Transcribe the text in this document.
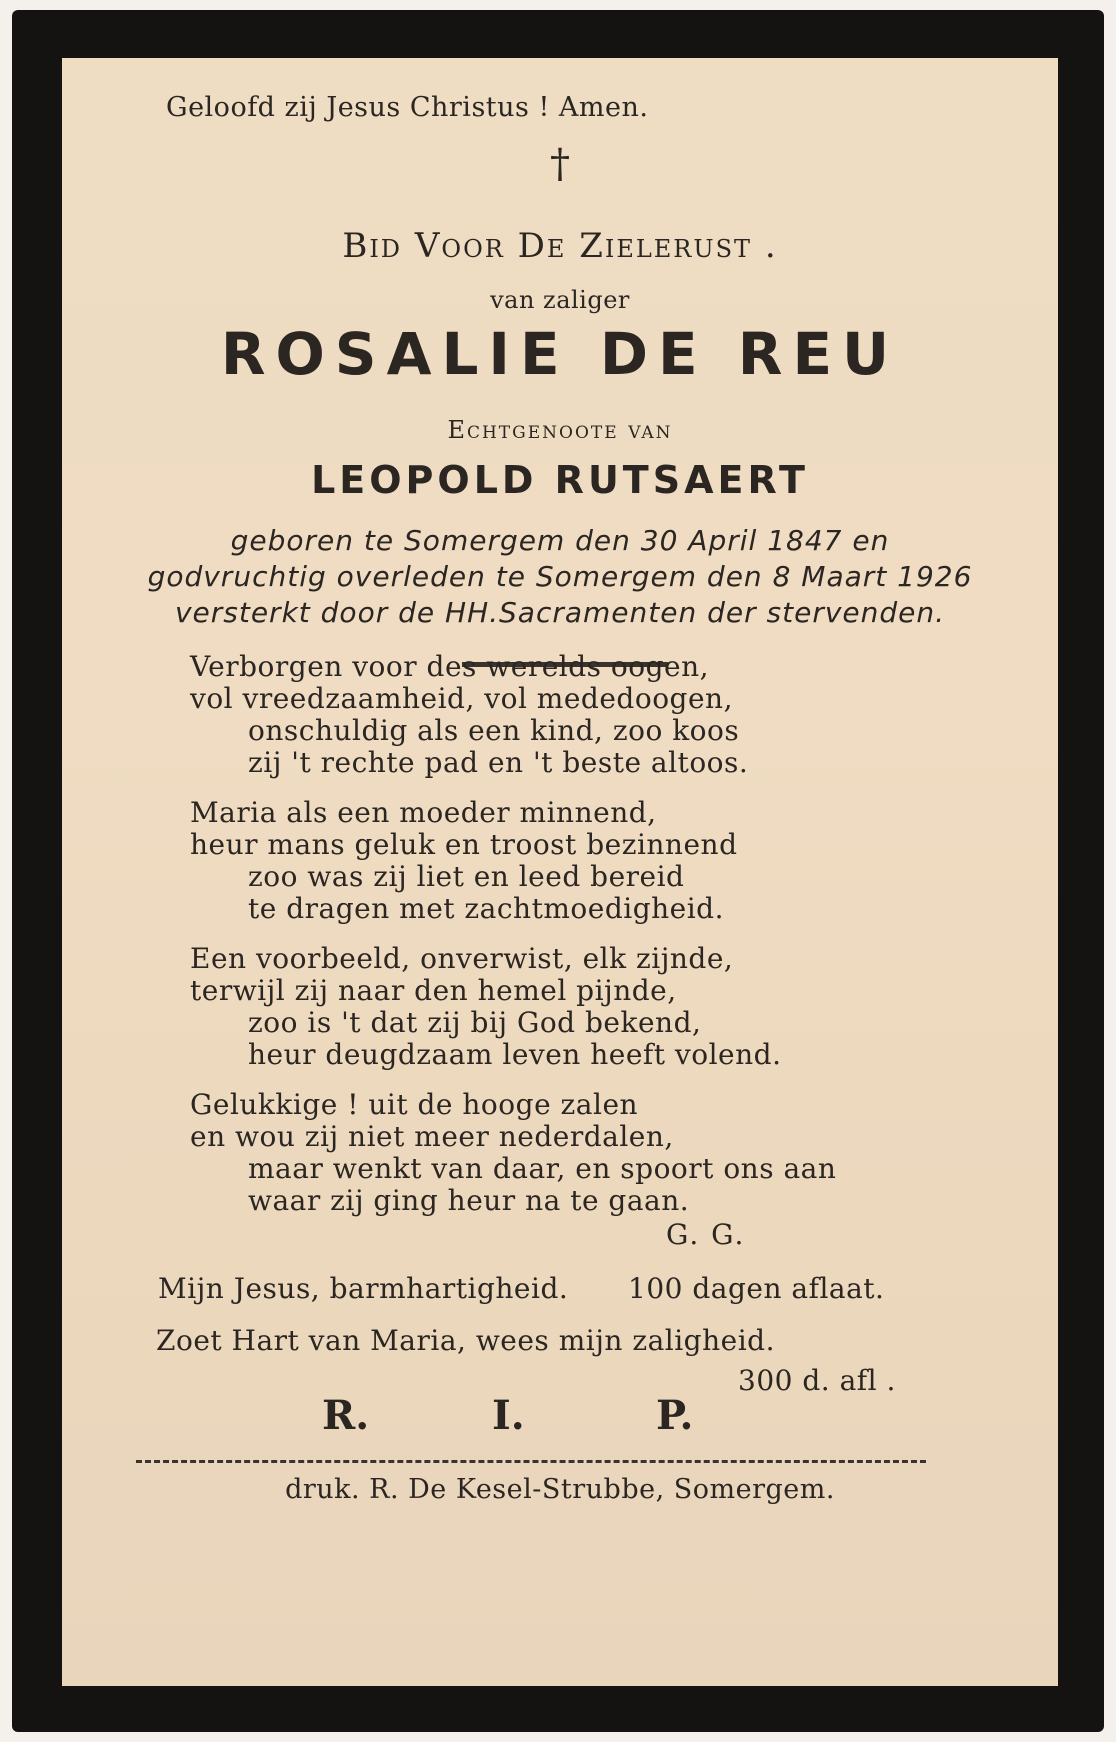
Geloofd zij Jesus Christus ! Amen.
†
Bid Voor De Zielerust .
van zaliger
ROSALIE DE REU
Echtgenoote van
LEOPOLD RUTSAERT
geboren te Somergem den 30 April 1847 en
godvruchtig overleden te Somergem den 8 Maart 1926
versterkt door de HH.Sacramenten der stervenden.
Verborgen voor des werelds oogen,
vol vreedzaamheid, vol mededoogen,
onschuldig als een kind, zoo koos
zij 't rechte pad en 't beste altoos.
Maria als een moeder minnend,
heur mans geluk en troost bezinnend
zoo was zij liet en leed bereid
te dragen met zachtmoedigheid.
Een voorbeeld, onverwist, elk zijnde,
terwijl zij naar den hemel pijnde,
zoo is 't dat zij bij God bekend,
heur deugdzaam leven heeft volend.
Gelukkige ! uit de hooge zalen
en wou zij niet meer nederdalen,
maar wenkt van daar, en spoort ons aan
waar zij ging heur na te gaan.
G. G.
Mijn Jesus, barmhartigheid. 100 dagen aflaat.
Zoet Hart van Maria, wees mijn zaligheid.
300 d. afl .
R.	I.	P.
druk. R. De Kesel-Strubbe, Somergem.
